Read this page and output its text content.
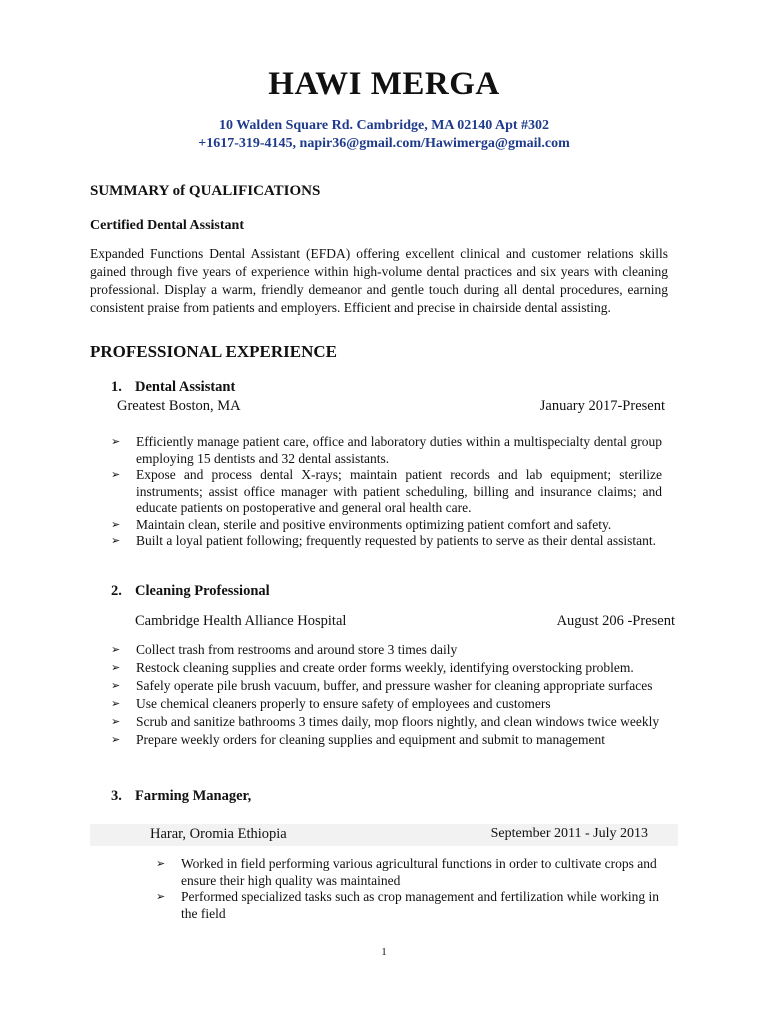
HAWI MERGA
10 Walden Square Rd. Cambridge, MA 02140 Apt #302
+1617-319-4145, napir36@gmail.com/Hawimerga@gmail.com
SUMMARY of QUALIFICATIONS
Certified Dental Assistant
Expanded Functions Dental Assistant (EFDA) offering excellent clinical and customer relations skills gained through five years of experience within high-volume dental practices and six years with cleaning professional. Display a warm, friendly demeanor and gentle touch during all dental procedures, earning consistent praise from patients and employers. Efficient and precise in chairside dental assisting.
PROFESSIONAL EXPERIENCE
1. Dental Assistant
Greatest Boston, MA	January 2017-Present
➢ Efficiently manage patient care, office and laboratory duties within a multispecialty dental group employing 15 dentists and 32 dental assistants.
➢ Expose and process dental X-rays; maintain patient records and lab equipment; sterilize instruments; assist office manager with patient scheduling, billing and insurance claims; and educate patients on postoperative and general oral health care.
➢ Maintain clean, sterile and positive environments optimizing patient comfort and safety.
➢ Built a loyal patient following; frequently requested by patients to serve as their dental assistant.
2. Cleaning Professional
Cambridge Health Alliance Hospital	August 206 -Present
➢ Collect trash from restrooms and around store 3 times daily
➢ Restock cleaning supplies and create order forms weekly, identifying overstocking problem.
➢ Safely operate pile brush vacuum, buffer, and pressure washer for cleaning appropriate surfaces
➢ Use chemical cleaners properly to ensure safety of employees and customers
➢ Scrub and sanitize bathrooms 3 times daily, mop floors nightly, and clean windows twice weekly
➢ Prepare weekly orders for cleaning supplies and equipment and submit to management
3. Farming Manager,
Harar, Oromia Ethiopia	September 2011 - July 2013
➢ Worked in field performing various agricultural functions in order to cultivate crops and ensure their high quality was maintained
➢ Performed specialized tasks such as crop management and fertilization while working in the field
1
